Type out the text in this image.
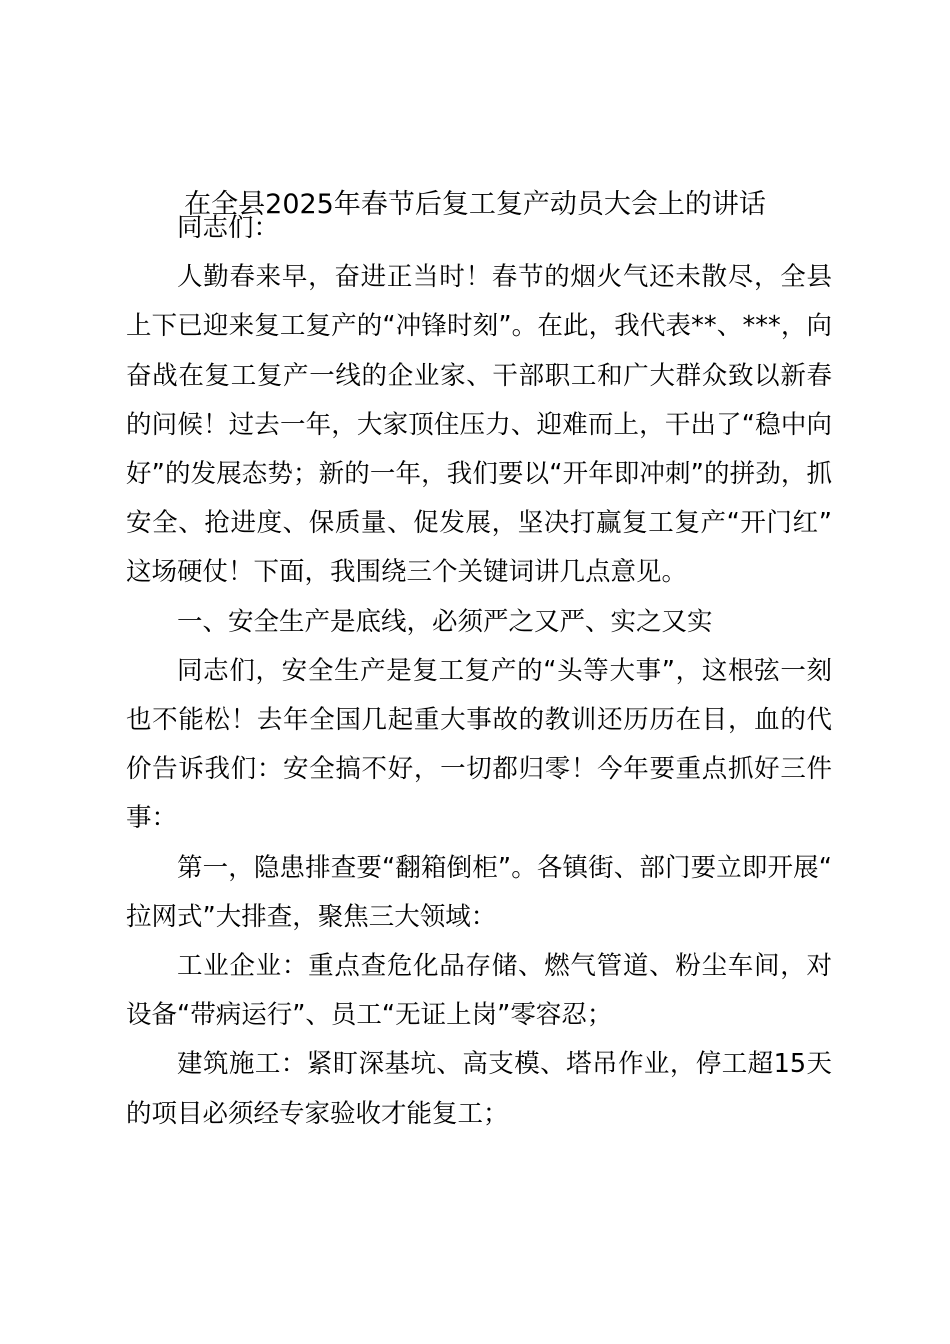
在全县2025年春节后复工复产动员大会上的讲话

同志们：

人勤春来早，奋进正当时！春节的烟火气还未散尽，全县上下已迎来复工复产的“冲锋时刻”。在此，我代表**、***，向奋战在复工复产一线的企业家、干部职工和广大群众致以新春的问候！过去一年，大家顶住压力、迎难而上，干出了“稳中向好”的发展态势；新的一年，我们要以“开年即冲刺”的拼劲，抓安全、抢进度、保质量、促发展，坚决打赢复工复产“开门红”这场硬仗！下面，我围绕三个关键词讲几点意见。

一、安全生产是底线，必须严之又严、实之又实

同志们，安全生产是复工复产的“头等大事”，这根弦一刻也不能松！去年全国几起重大事故的教训还历历在目，血的代价告诉我们：安全搞不好，一切都归零！今年要重点抓好三件事：

第一，隐患排查要“翻箱倒柜”。各镇街、部门要立即开展“拉网式”大排查，聚焦三大领域：

工业企业：重点查危化品存储、燃气管道、粉尘车间，对设备“带病运行”、员工“无证上岗”零容忍；

建筑施工：紧盯深基坑、高支模、塔吊作业，停工超15天的项目必须经专家验收才能复工；
